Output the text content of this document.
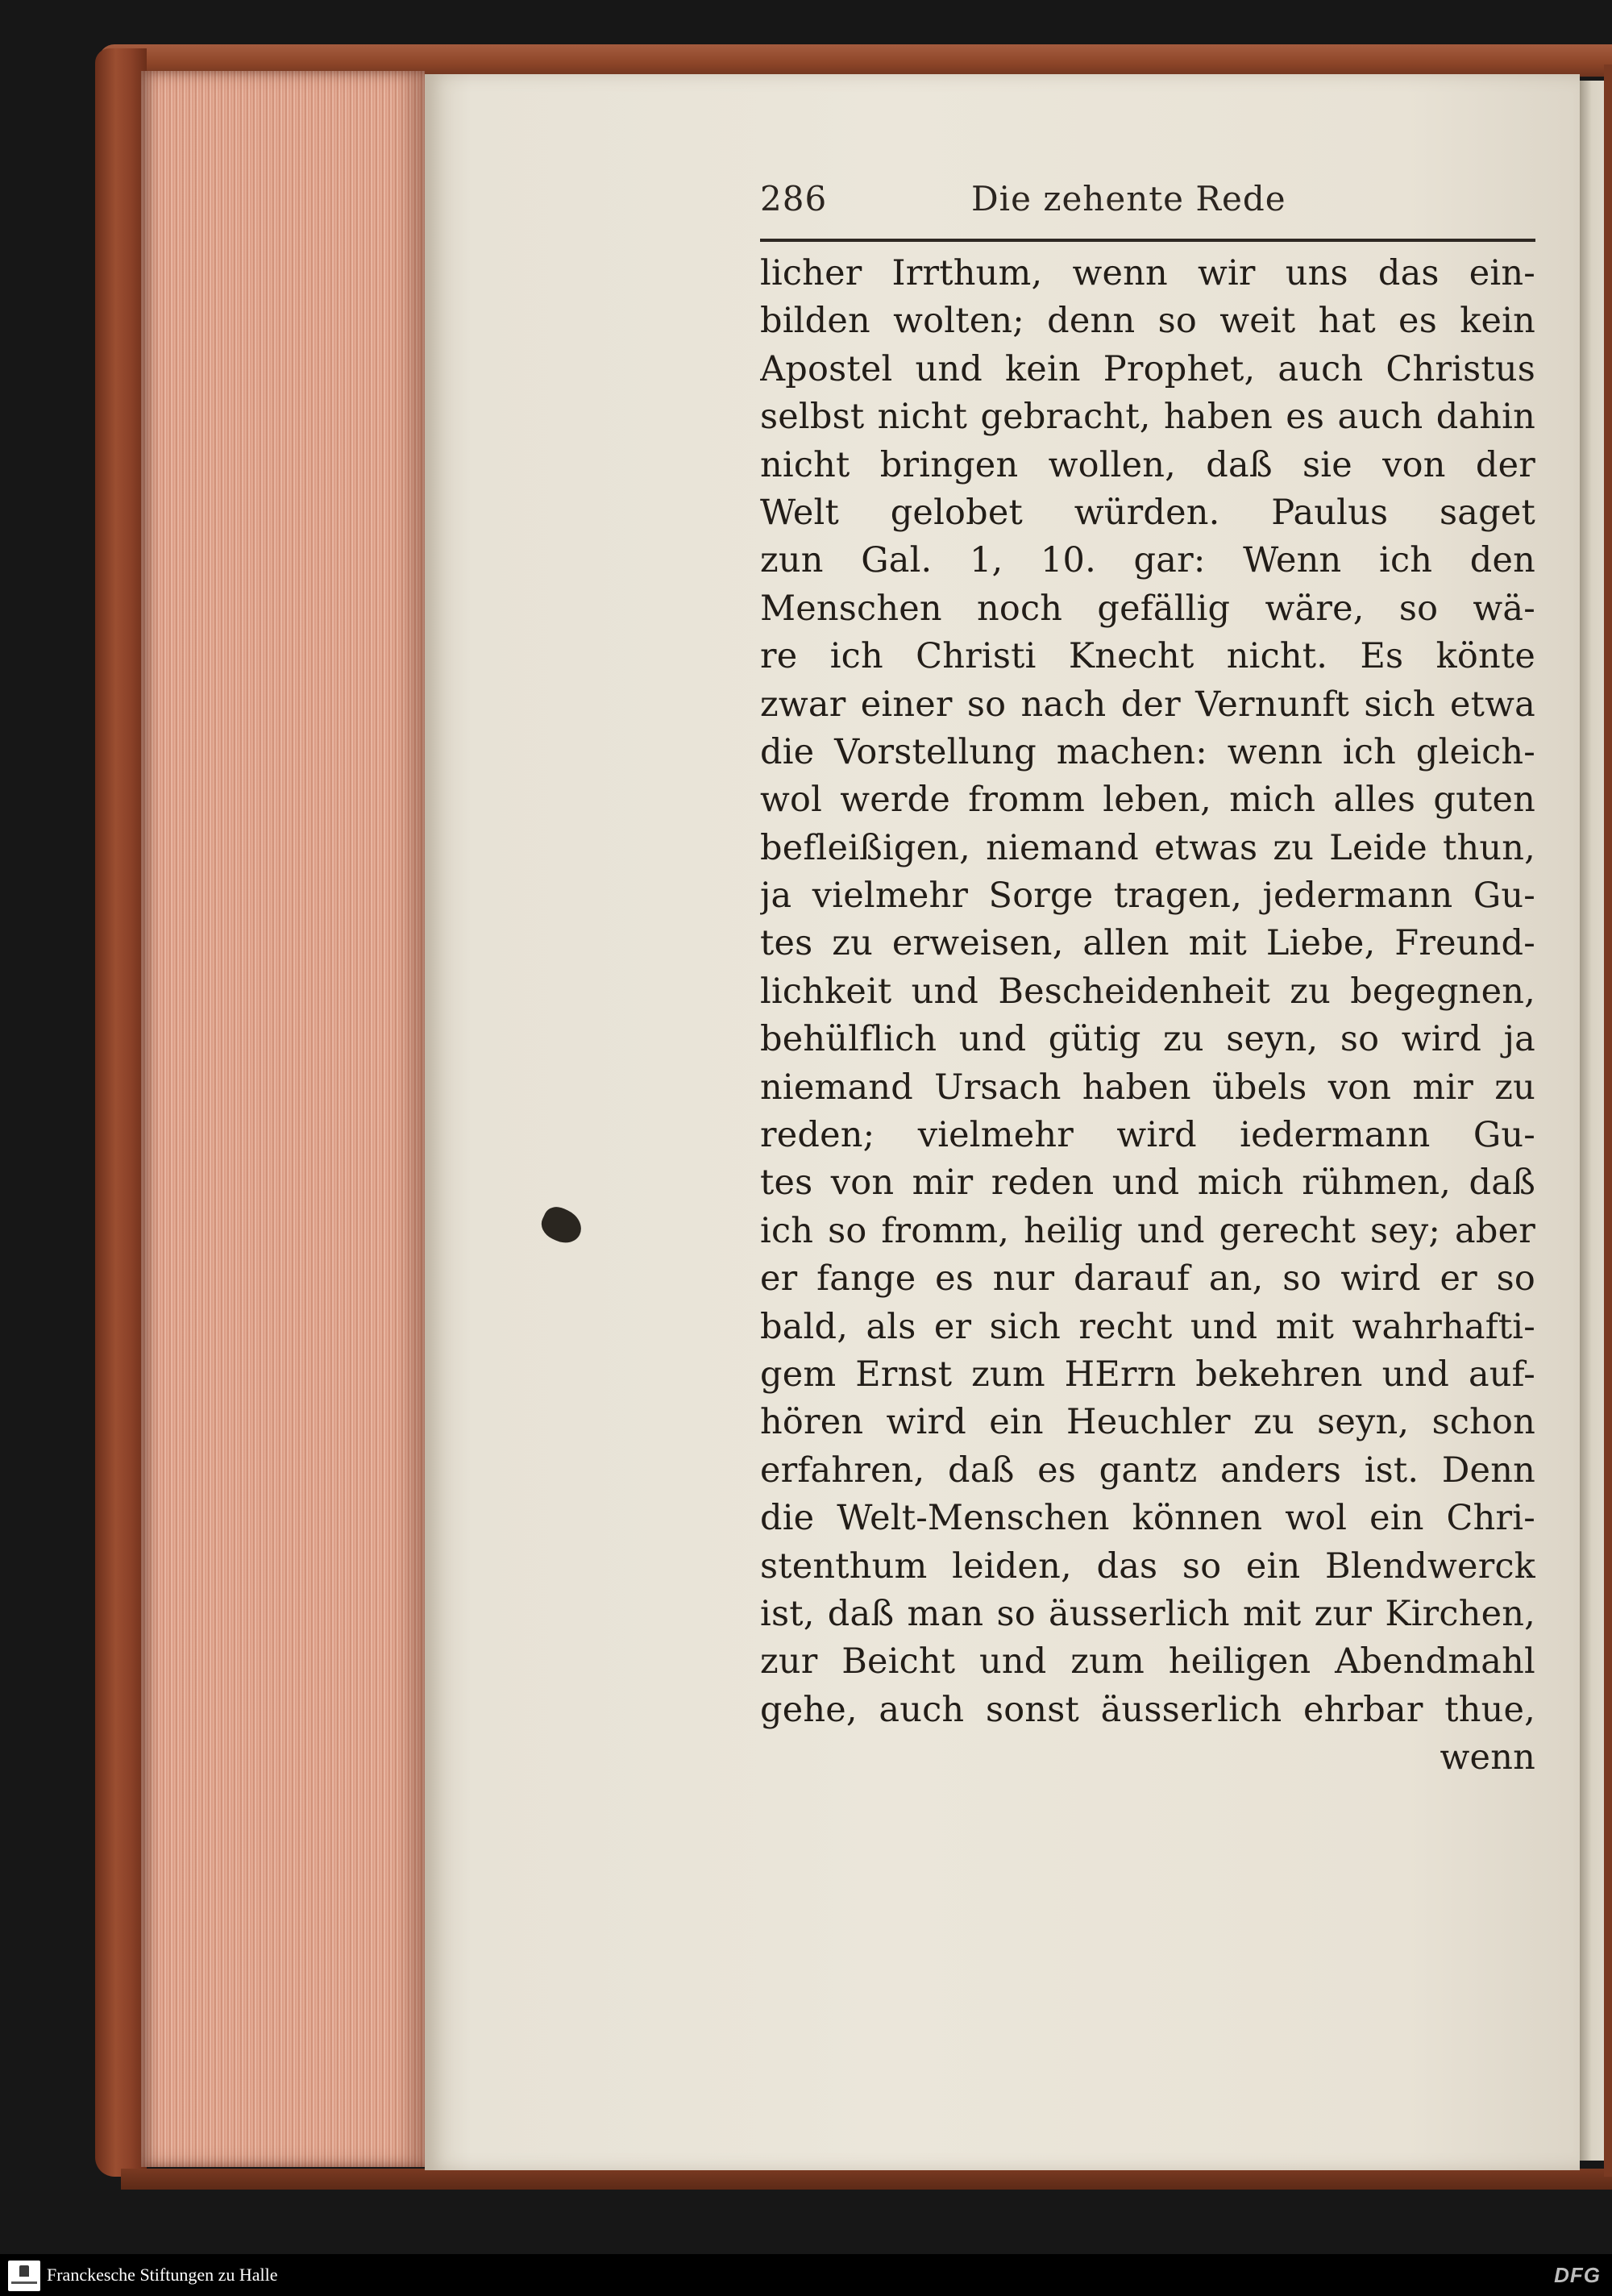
286	Die zehente Rede
licher Irrthum, wenn wir uns das ein-
bilden wolten; denn so weit hat es kein
Apostel und kein Prophet, auch Christus
selbst nicht gebracht, haben es auch dahin
nicht bringen wollen, daß sie von der
Welt gelobet würden. Paulus saget
zun Gal. 1, 10. gar: Wenn ich den
Menschen noch gefällig wäre, so wä-
re ich Christi Knecht nicht. Es könte
zwar einer so nach der Vernunft sich etwa
die Vorstellung machen: wenn ich gleich-
wol werde fromm leben, mich alles guten
befleißigen, niemand etwas zu Leide thun,
ja vielmehr Sorge tragen, jedermann Gu-
tes zu erweisen, allen mit Liebe, Freund-
lichkeit und Bescheidenheit zu begegnen,
behülflich und gütig zu seyn, so wird ja
niemand Ursach haben übels von mir zu
reden; vielmehr wird iedermann Gu-
tes von mir reden und mich rühmen, daß
ich so fromm, heilig und gerecht sey; aber
er fange es nur darauf an, so wird er so
bald, als er sich recht und mit wahrhafti-
gem Ernst zum HErrn bekehren und auf-
hören wird ein Heuchler zu seyn, schon
erfahren, daß es gantz anders ist. Denn
die Welt-Menschen können wol ein Chri-
stenthum leiden, das so ein Blendwerck
ist, daß man so äusserlich mit zur Kirchen,
zur Beicht und zum heiligen Abendmahl
gehe, auch sonst äusserlich ehrbar thue,
wenn
Franckesche Stiftungen zu Halle	DFG
